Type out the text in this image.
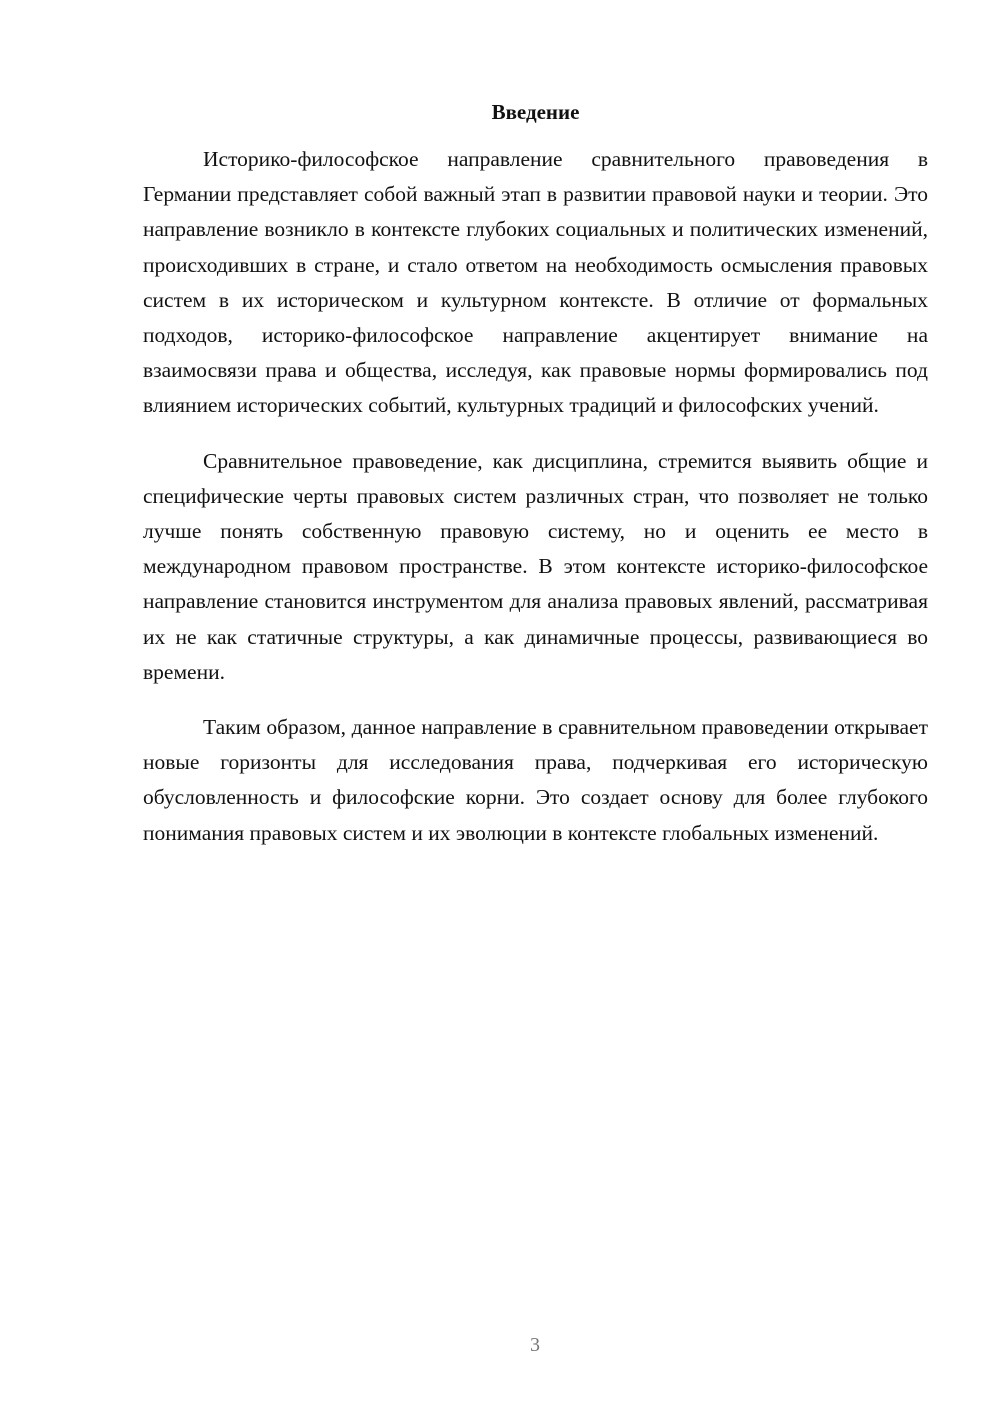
Введение

Историко-философское направление сравнительного правоведения в Германии представляет собой важный этап в развитии правовой науки и теории. Это направление возникло в контексте глубоких социальных и политических изменений, происходивших в стране, и стало ответом на необходимость осмысления правовых систем в их историческом и культурном контексте. В отличие от формальных подходов, историко-философское направление акцентирует внимание на взаимосвязи права и общества, исследуя, как правовые нормы формировались под влиянием исторических событий, культурных традиций и философских учений.

Сравнительное правоведение, как дисциплина, стремится выявить общие и специфические черты правовых систем различных стран, что позволяет не только лучше понять собственную правовую систему, но и оценить ее место в международном правовом пространстве. В этом контексте историко-философское направление становится инструментом для анализа правовых явлений, рассматривая их не как статичные структуры, а как динамичные процессы, развивающиеся во времени.

Таким образом, данное направление в сравнительном правоведении открывает новые горизонты для исследования права, подчеркивая его историческую обусловленность и философские корни. Это создает основу для более глубокого понимания правовых систем и их эволюции в контексте глобальных изменений.

3
